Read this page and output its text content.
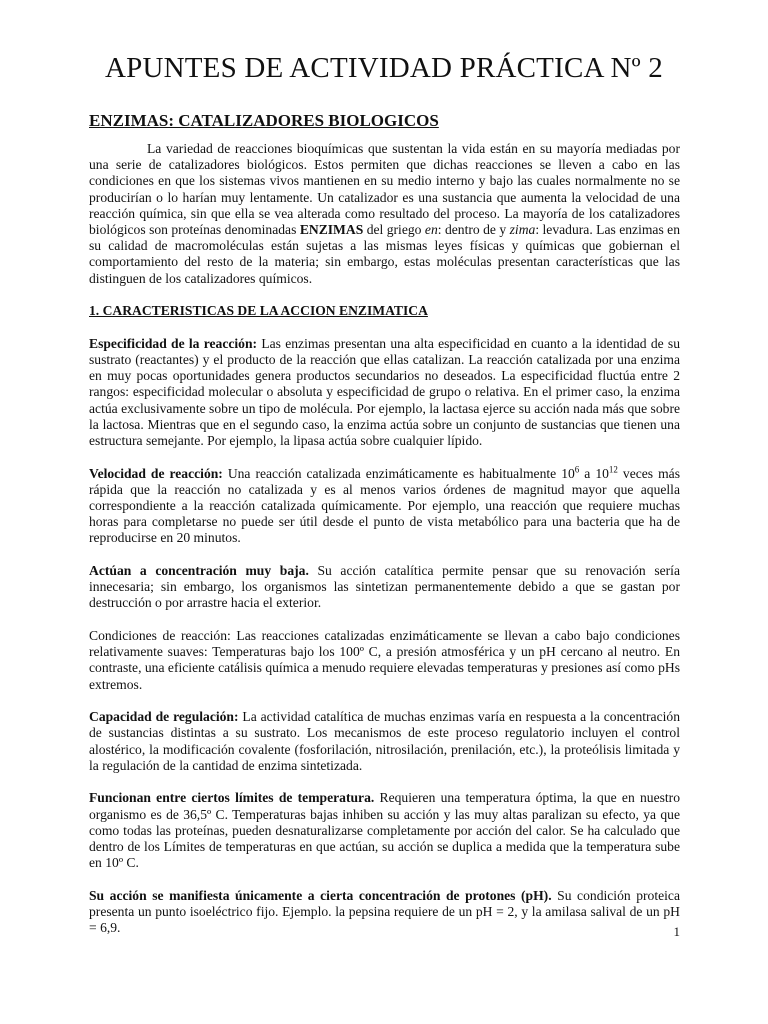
APUNTES DE ACTIVIDAD PRÁCTICA Nº 2
ENZIMAS: CATALIZADORES BIOLOGICOS

La variedad de reacciones bioquímicas que sustentan la vida están en su mayoría mediadas por una serie de catalizadores biológicos. Estos permiten que dichas reacciones se lleven a cabo en las condiciones en que los sistemas vivos mantienen en su medio interno y bajo las cuales normalmente no se producirían o lo harían muy lentamente. Un catalizador es una sustancia que aumenta la velocidad de una reacción química, sin que ella se vea alterada como resultado del proceso. La mayoría de los catalizadores biológicos son proteínas denominadas ENZIMAS del griego en: dentro de y zima: levadura. Las enzimas en su calidad de macromoléculas están sujetas a las mismas leyes físicas y químicas que gobiernan el comportamiento del resto de la materia; sin embargo, estas moléculas presentan características que las distinguen de los catalizadores químicos.

1. CARACTERISTICAS DE LA ACCION ENZIMATICA

Especificidad de la reacción: Las enzimas presentan una alta especificidad en cuanto a la identidad de su sustrato (reactantes) y el producto de la reacción que ellas catalizan. La reacción catalizada por una enzima en muy pocas oportunidades genera productos secundarios no deseados. La especificidad fluctúa entre 2 rangos: especificidad molecular o absoluta y especificidad de grupo o relativa. En el primer caso, la enzima actúa exclusivamente sobre un tipo de molécula. Por ejemplo, la lactasa ejerce su acción nada más que sobre la lactosa. Mientras que en el segundo caso, la enzima actúa sobre un conjunto de sustancias que tienen una estructura semejante. Por ejemplo, la lipasa actúa sobre cualquier lípido.

Velocidad de reacción: Una reacción catalizada enzimáticamente es habitualmente $10^6$ a $10^{12}$ veces más rápida que la reacción no catalizada y es al menos varios órdenes de magnitud mayor que aquella correspondiente a la reacción catalizada químicamente. Por ejemplo, una reacción que requiere muchas horas para completarse no puede ser útil desde el punto de vista metabólico para una bacteria que ha de reproducirse en 20 minutos.

Actúan a concentración muy baja. Su acción catalítica permite pensar que su renovación sería innecesaria; sin embargo, los organismos las sintetizan permanentemente debido a que se gastan por destrucción o por arrastre hacia el exterior.

Condiciones de reacción: Las reacciones catalizadas enzimáticamente se llevan a cabo bajo condiciones relativamente suaves: Temperaturas bajo los 100º C, a presión atmosférica y un pH cercano al neutro. En contraste, una eficiente catálisis química a menudo requiere elevadas temperaturas y presiones así como pHs extremos.

Capacidad de regulación: La actividad catalítica de muchas enzimas varía en respuesta a la concentración de sustancias distintas a su sustrato. Los mecanismos de este proceso regulatorio incluyen el control alostérico, la modificación covalente (fosforilación, nitrosilación, prenilación, etc.), la proteólisis limitada y la regulación de la cantidad de enzima sintetizada.

Funcionan entre ciertos límites de temperatura. Requieren una temperatura óptima, la que en nuestro organismo es de 36,5º C. Temperaturas bajas inhiben su acción y las muy altas paralizan su efecto, ya que como todas las proteínas, pueden desnaturalizarse completamente por acción del calor. Se ha calculado que dentro de los Límites de temperaturas en que actúan, su acción se duplica a medida que la temperatura sube en 10º C.

Su acción se manifiesta únicamente a cierta concentración de protones (pH). Su condición proteica presenta un punto isoeléctrico fijo. Ejemplo. la pepsina requiere de un pH = 2, y la amilasa salival de un pH = 6,9.	1
